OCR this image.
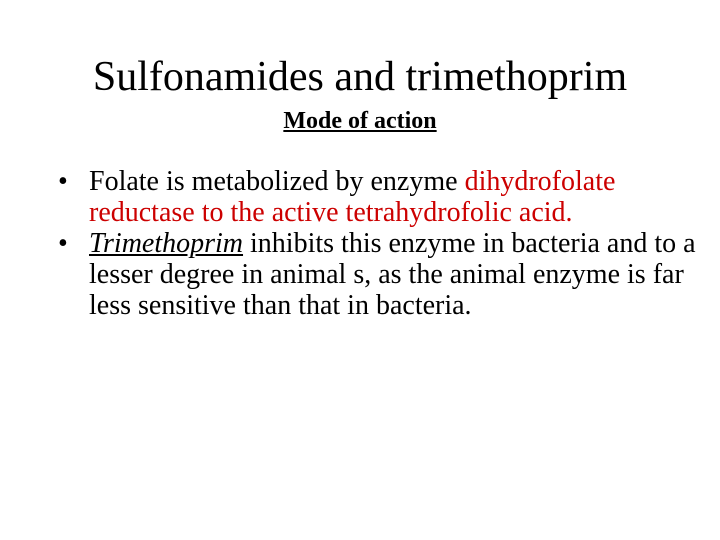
Sulfonamides and trimethoprim
Mode of action
• Folate is metabolized by enzyme dihydrofolate reductase to the active tetrahydrofolic acid.
• Trimethoprim inhibits this enzyme in bacteria and to a lesser degree in animal s, as the animal enzyme is far less sensitive than that in bacteria.
